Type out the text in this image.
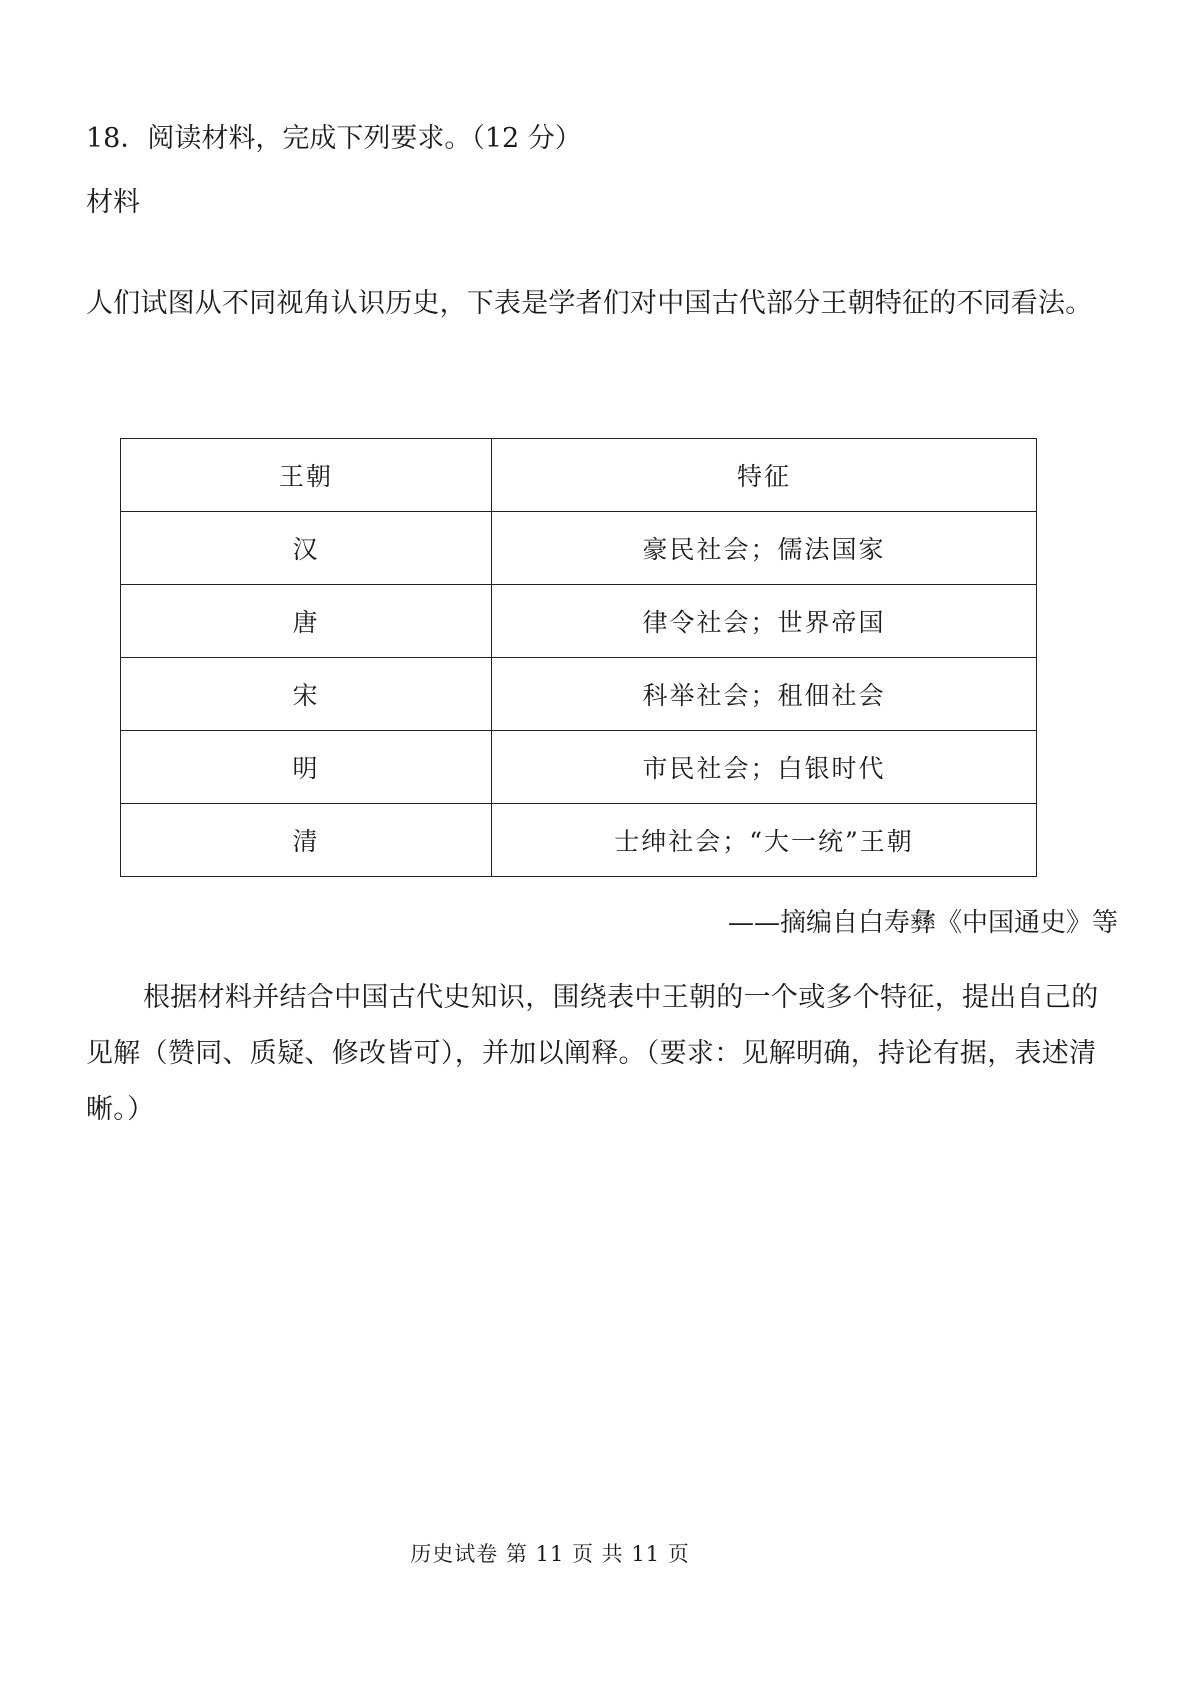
18．阅读材料，完成下列要求。（12 分）
材料
人们试图从不同视角认识历史，下表是学者们对中国古代部分王朝特征的不同看法。
王朝	特征
汉	豪民社会；儒法国家
唐	律令社会；世界帝国
宋	科举社会；租佃社会
明	市民社会；白银时代
清	士绅社会；“大一统”王朝
——摘编自白寿彝《中国通史》等
根据材料并结合中国古代史知识，围绕表中王朝的一个或多个特征，提出自己的见解（赞同、质疑、修改皆可），并加以阐释。（要求：见解明确，持论有据，表述清晰。）
历史试卷 第 11 页 共 11 页
